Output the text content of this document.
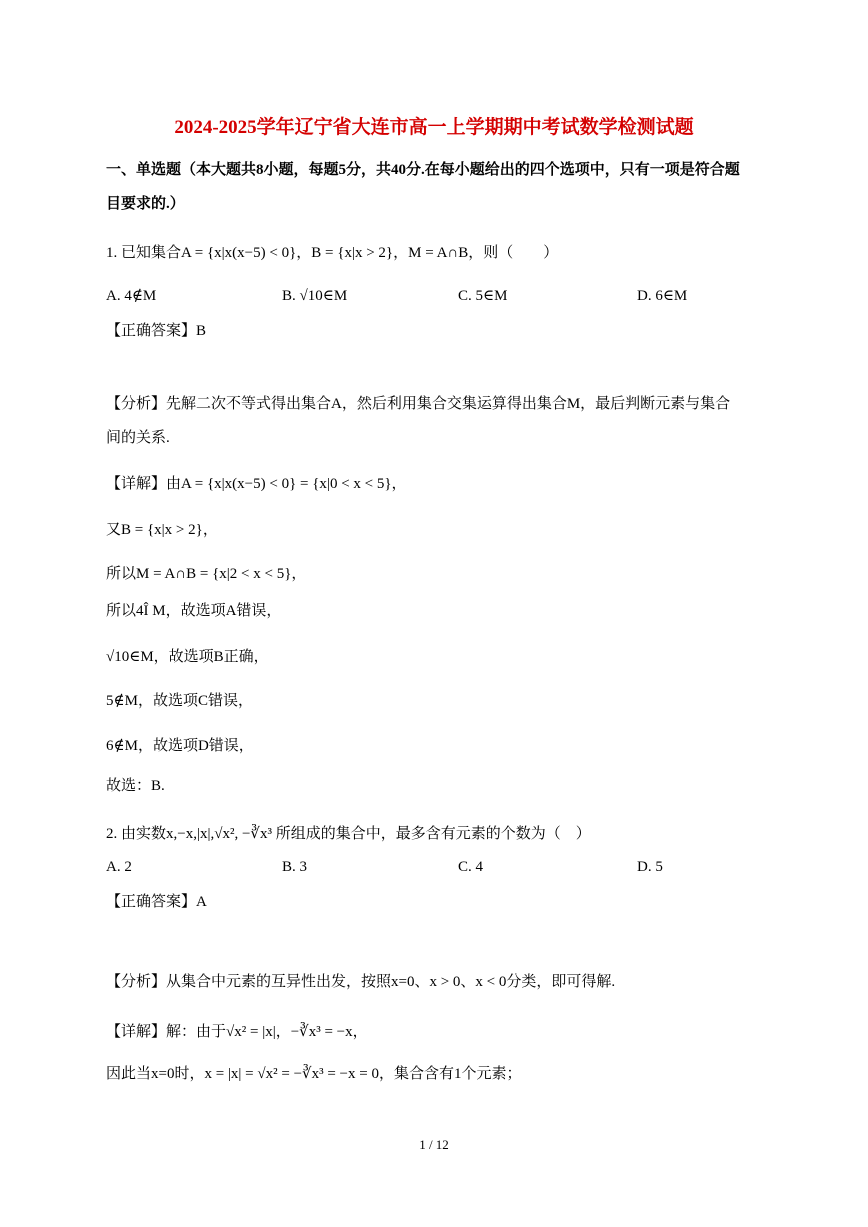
2024-2025学年辽宁省大连市高一上学期期中考试数学检测试题
一、单选题（本大题共8小题，每题5分，共40分.在每小题给出的四个选项中，只有一项是符合题
目要求的.）
1. 已知集合A = {x|x(x−5) < 0}，B = {x|x > 2}，M = A∩B，则（　　）
A. 4∉M	B. √10∈M	C. 5∈M	D. 6∈M
【正确答案】B
【分析】先解二次不等式得出集合A，然后利用集合交集运算得出集合M，最后判断元素与集合
间的关系.
【详解】由A = {x|x(x−5) < 0} = {x|0 < x < 5}，
又B = {x|x > 2}，
所以M = A∩B = {x|2 < x < 5}，
所以4Î M，故选项A错误，
√10∈M，故选项B正确，
5∉M，故选项C错误，
6∉M，故选项D错误，
故选：B.
2. 由实数x,−x,|x|,√x², −∛x³ 所组成的集合中，最多含有元素的个数为（　）
A. 2	B. 3	C. 4	D. 5
【正确答案】A
【分析】从集合中元素的互异性出发，按照x=0、x > 0、x < 0分类，即可得解.
【详解】解：由于√x² = |x|，−∛x³ = −x，
因此当x=0时，x = |x| = √x² = −∛x³ = −x = 0，集合含有1个元素；
1 / 12
